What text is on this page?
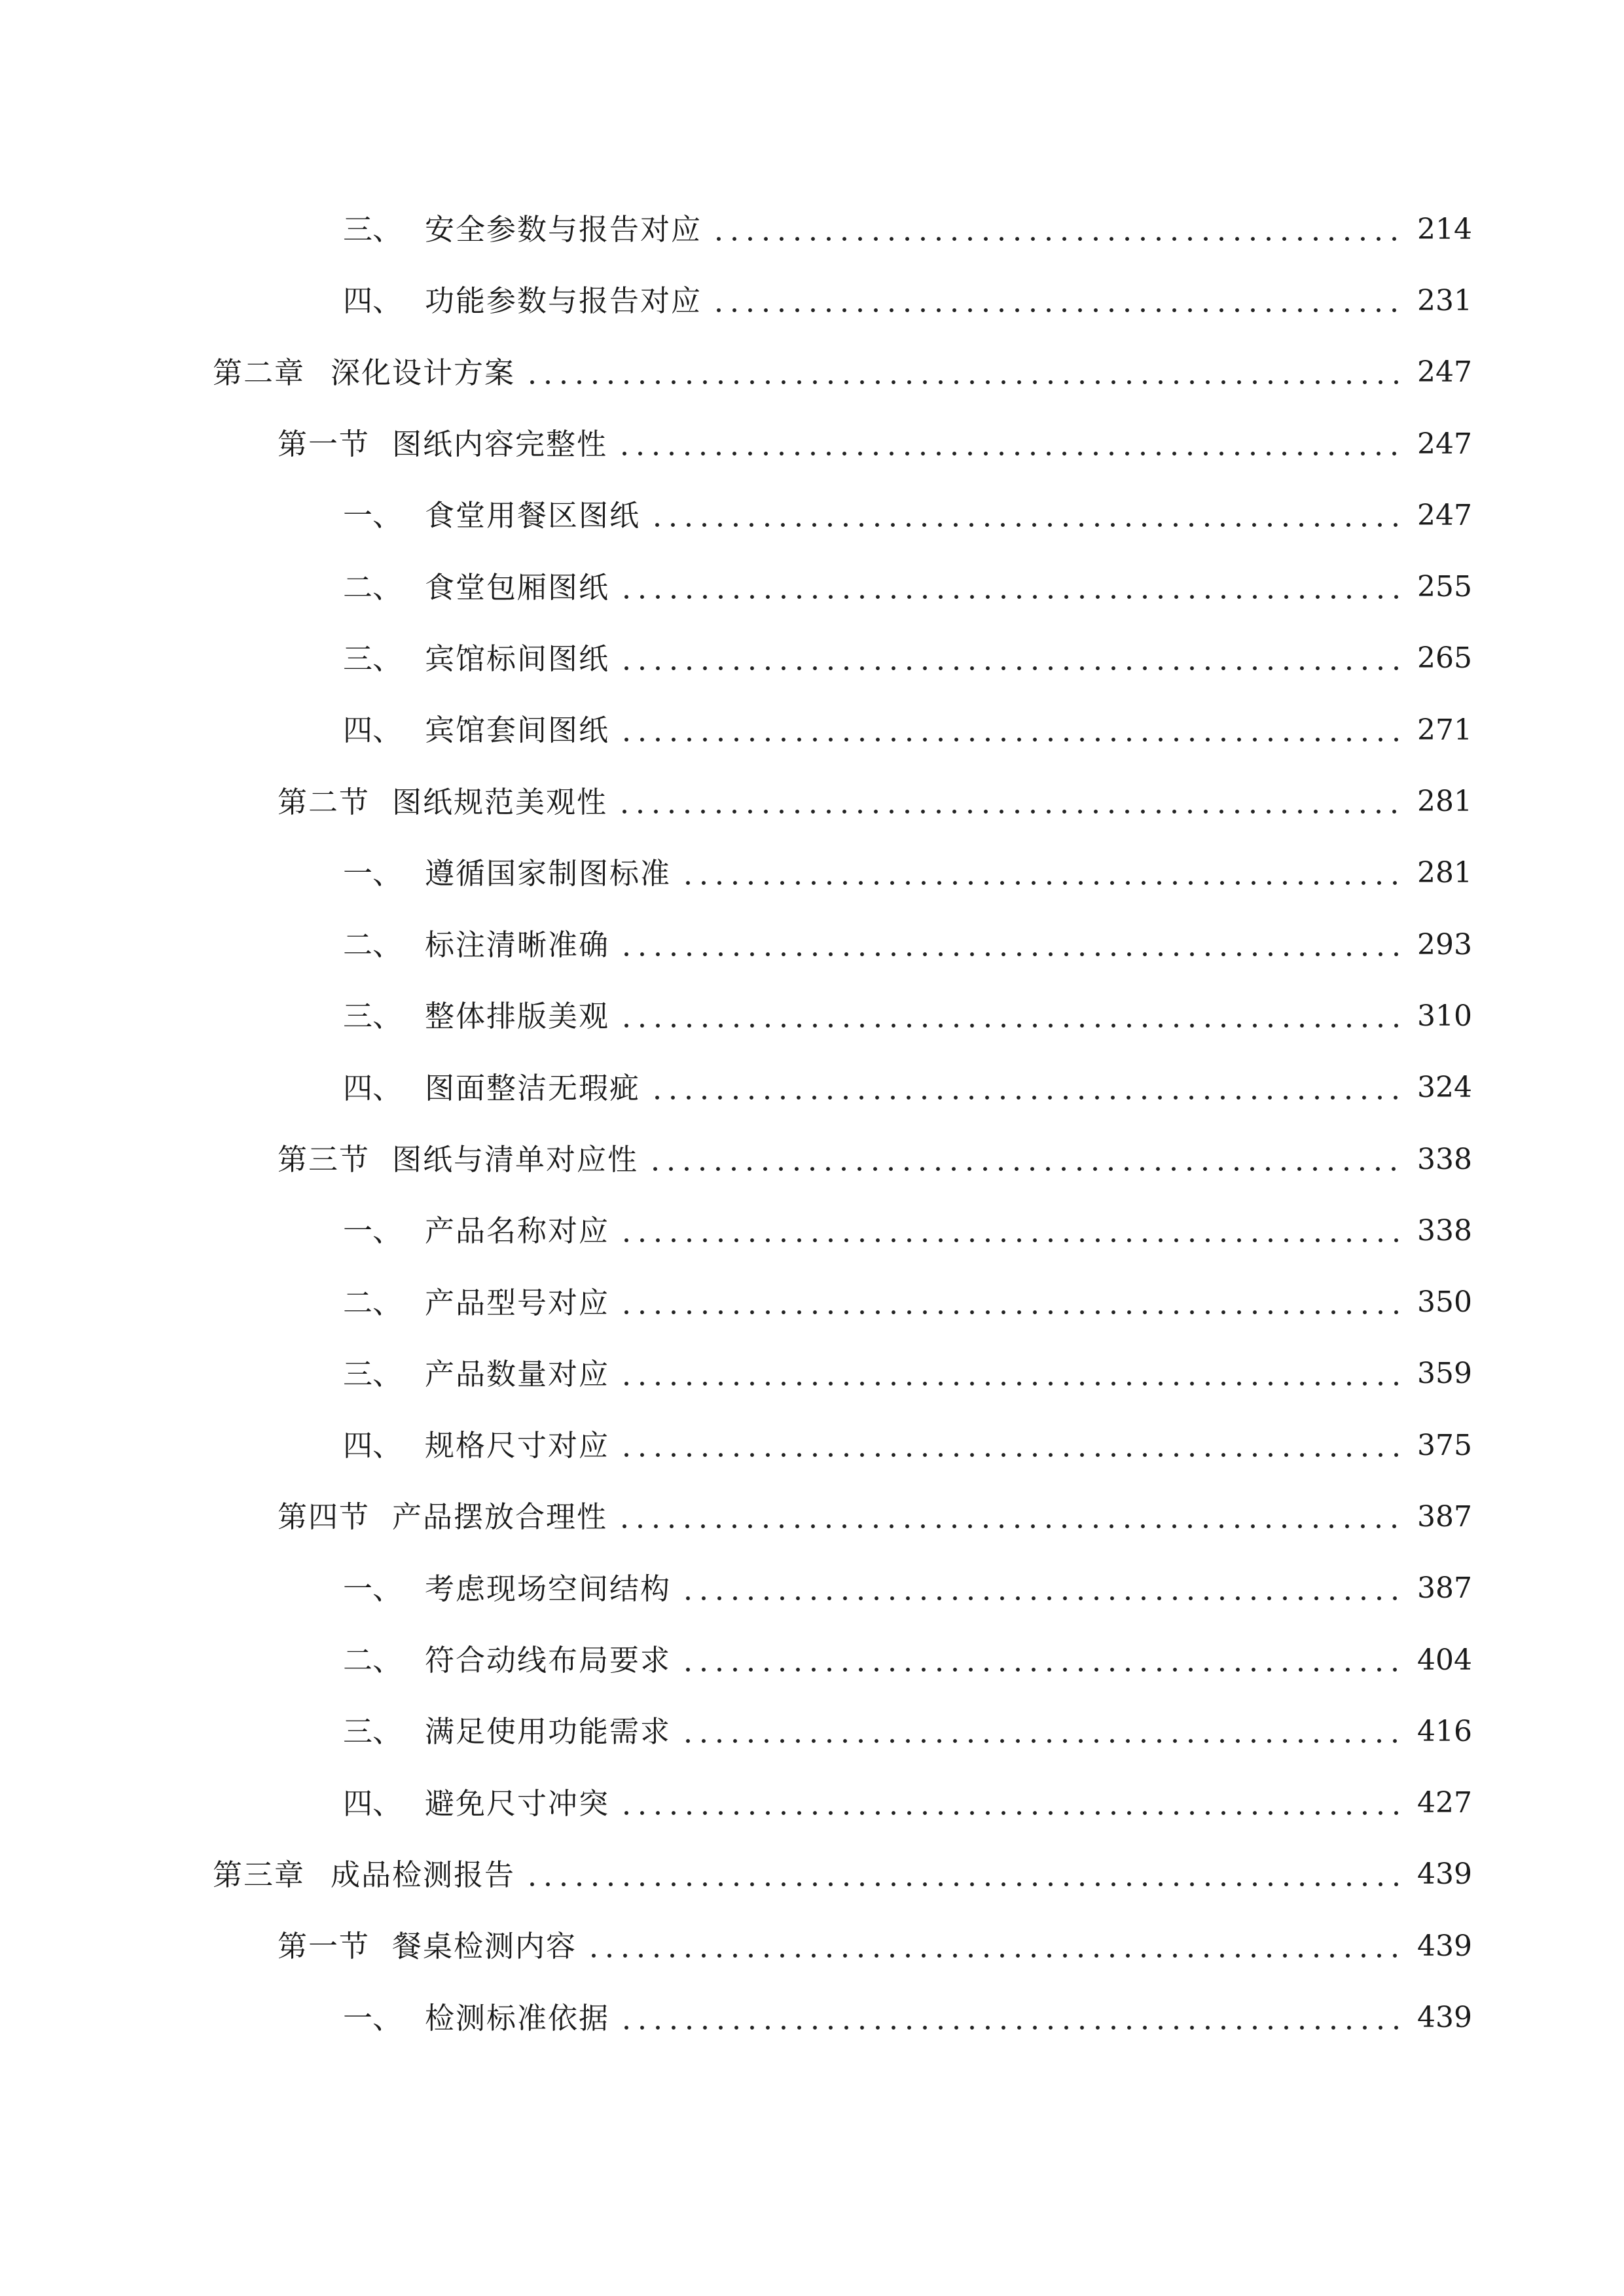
三、 安全参数与报告对应	214
四、 功能参数与报告对应	231
第二章 深化设计方案	247
第一节 图纸内容完整性	247
一、 食堂用餐区图纸	247
二、 食堂包厢图纸	255
三、 宾馆标间图纸	265
四、 宾馆套间图纸	271
第二节 图纸规范美观性	281
一、 遵循国家制图标准	281
二、 标注清晰准确	293
三、 整体排版美观	310
四、 图面整洁无瑕疵	324
第三节 图纸与清单对应性	338
一、 产品名称对应	338
二、 产品型号对应	350
三、 产品数量对应	359
四、 规格尺寸对应	375
第四节 产品摆放合理性	387
一、 考虑现场空间结构	387
二、 符合动线布局要求	404
三、 满足使用功能需求	416
四、 避免尺寸冲突	427
第三章 成品检测报告	439
第一节 餐桌检测内容	439
一、 检测标准依据	439
